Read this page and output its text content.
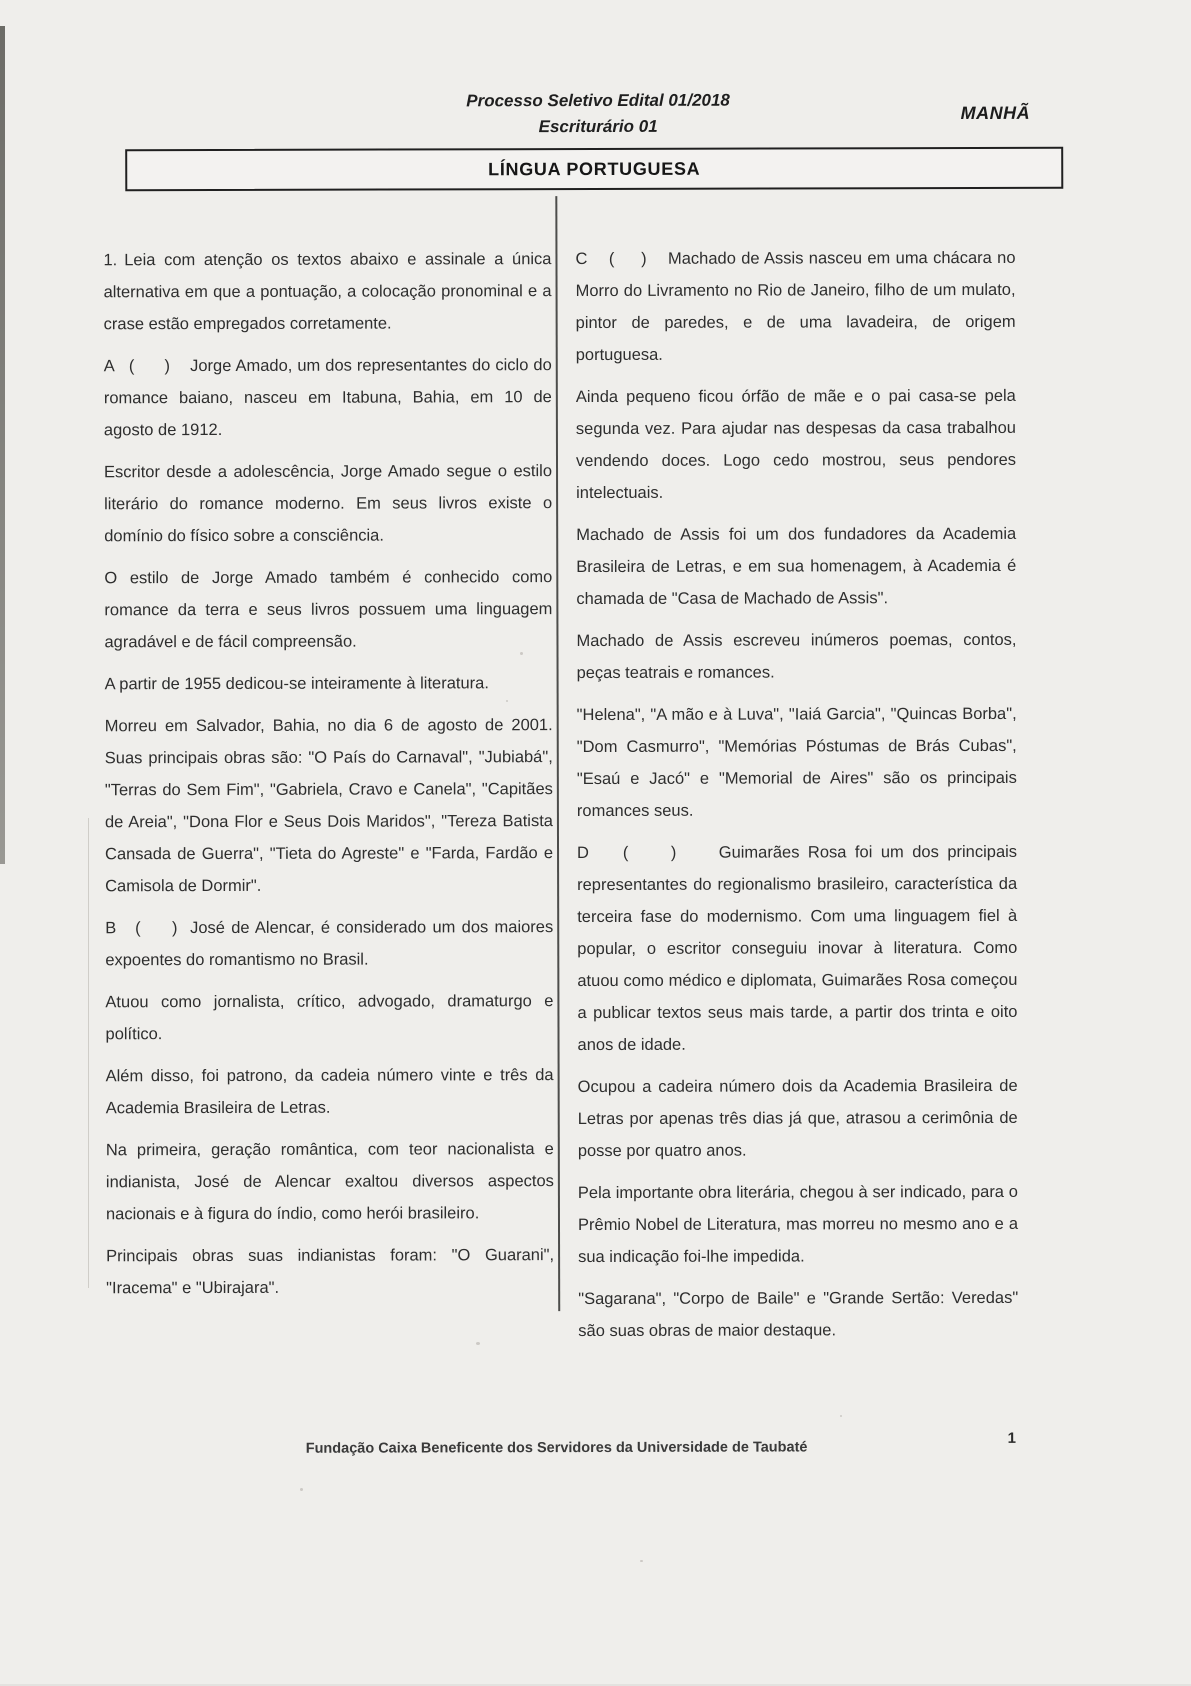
Processo Seletivo Edital 01/2018
Escriturário 01
MANHÃ
LÍNGUA PORTUGUESA

1. Leia com atenção os textos abaixo e assinale a única alternativa em que a pontuação, a colocação pronominal e a crase estão empregados corretamente.

A   (      )    Jorge Amado, um dos representantes do ciclo do romance baiano, nasceu em Itabuna, Bahia, em 10 de agosto de 1912.

Escritor desde a adolescência, Jorge Amado segue o estilo literário do romance moderno. Em seus livros existe o domínio do físico sobre a consciência.

O estilo de Jorge Amado também é conhecido como romance da terra e seus livros possuem uma linguagem agradável e de fácil compreensão.

A partir de 1955 dedicou-se inteiramente à literatura.

Morreu em Salvador, Bahia, no dia 6 de agosto de 2001. Suas principais obras são: "O País do Carnaval", "Jubiabá", "Terras do Sem Fim", "Gabriela, Cravo e Canela", "Capitães de Areia", "Dona Flor e Seus Dois Maridos", "Tereza Batista Cansada de Guerra", "Tieta do Agreste" e "Farda, Fardão e Camisola de Dormir".

B   (     )  José de Alencar, é considerado um dos maiores expoentes do romantismo no Brasil.

Atuou como jornalista, crítico, advogado, dramaturgo e político.

Além disso, foi patrono, da cadeia número vinte e três da Academia Brasileira de Letras.

Na primeira, geração romântica, com teor nacionalista e indianista, José de Alencar exaltou diversos aspectos nacionais e à figura do índio, como herói brasileiro.

Principais obras suas indianistas foram: "O Guarani", "Iracema" e "Ubirajara".

C    (     )    Machado de Assis nasceu em uma chácara no Morro do Livramento no Rio de Janeiro, filho de um mulato, pintor de paredes, e de uma lavadeira, de origem portuguesa.

Ainda pequeno ficou órfão de mãe e o pai casa-se pela segunda vez. Para ajudar nas despesas da casa trabalhou vendendo doces. Logo cedo mostrou, seus pendores intelectuais.

Machado de Assis foi um dos fundadores da Academia Brasileira de Letras, e em sua homenagem, à Academia é chamada de "Casa de Machado de Assis".

Machado de Assis escreveu inúmeros poemas, contos, peças teatrais e romances.

"Helena", "A mão e à Luva", "Iaiá Garcia", "Quincas Borba", "Dom Casmurro", "Memórias Póstumas de Brás Cubas", "Esaú e Jacó" e "Memorial de Aires" são os principais romances seus.

D    (     )     Guimarães Rosa foi um dos principais representantes do regionalismo brasileiro, característica da terceira fase do modernismo. Com uma linguagem fiel à popular, o escritor conseguiu inovar à literatura. Como atuou como médico e diplomata, Guimarães Rosa começou a publicar textos seus mais tarde, a partir dos trinta e oito anos de idade.

Ocupou a cadeira número dois da Academia Brasileira de Letras por apenas três dias já que, atrasou a cerimônia de posse por quatro anos.

Pela importante obra literária, chegou à ser indicado, para o Prêmio Nobel de Literatura, mas morreu no mesmo ano e a sua indicação foi-lhe impedida.

"Sagarana", "Corpo de Baile" e "Grande Sertão: Veredas" são suas obras de maior destaque.

Fundação Caixa Beneficente dos Servidores da Universidade de Taubaté
1
